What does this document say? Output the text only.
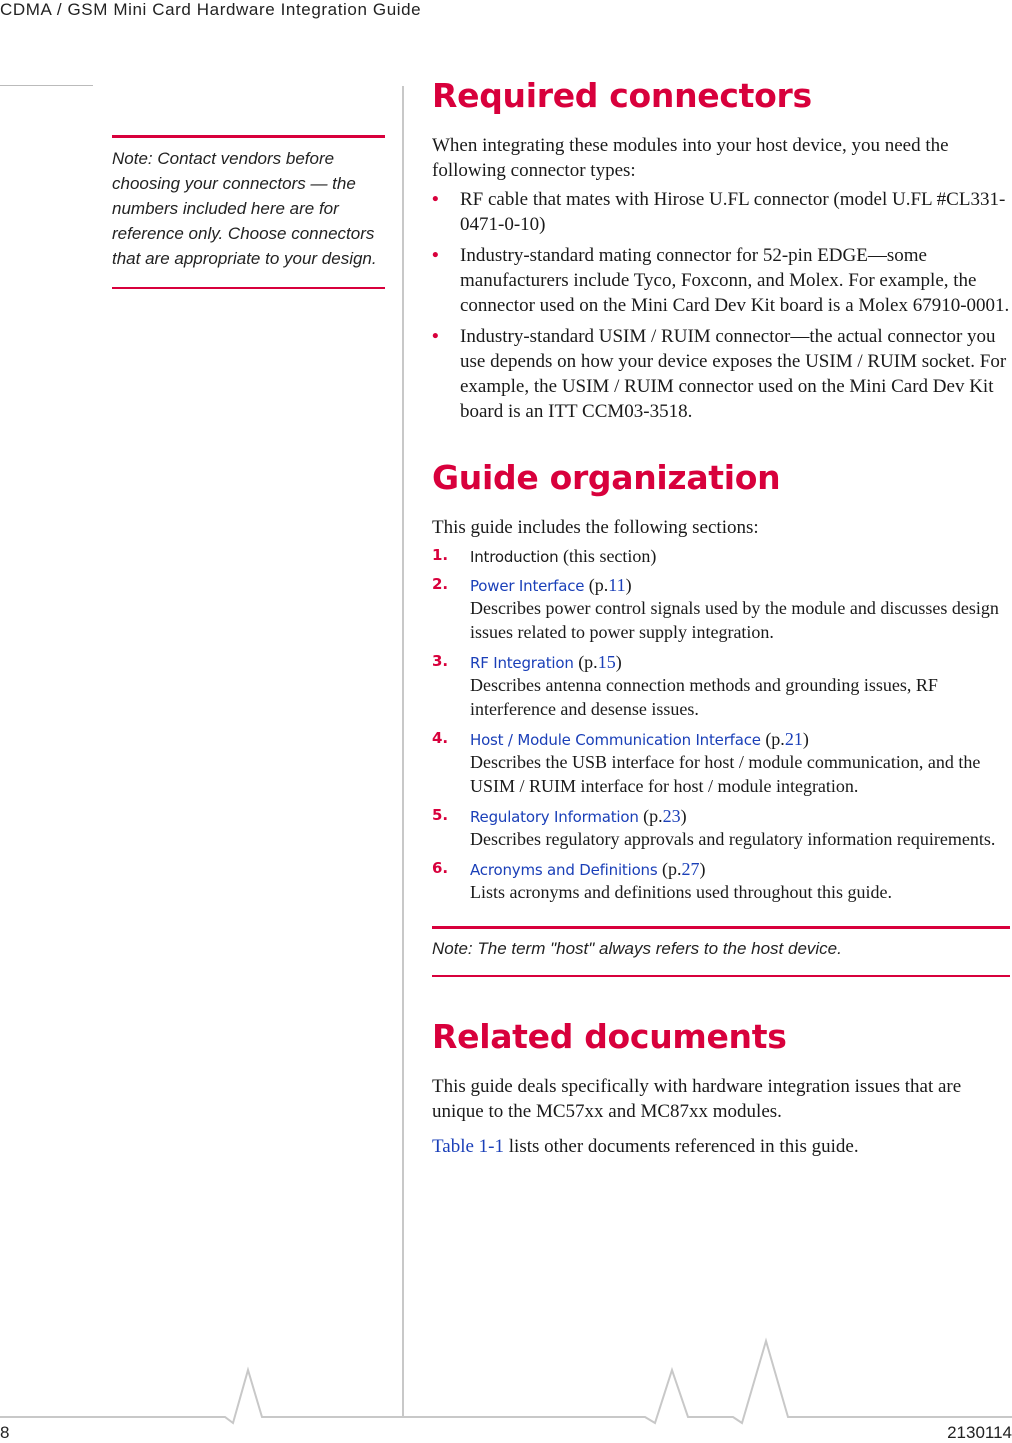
CDMA / GSM Mini Card Hardware Integration Guide

Note: Contact vendors before choosing your connectors — the numbers included here are for reference only. Choose connectors that are appropriate to your design.

Required connectors

When integrating these modules into your host device, you need the following connector types:

• RF cable that mates with Hirose U.FL connector (model U.FL #CL331-0471-0-10)
• Industry-standard mating connector for 52-pin EDGE—some manufacturers include Tyco, Foxconn, and Molex. For example, the connector used on the Mini Card Dev Kit board is a Molex 67910-0001.
• Industry-standard USIM / RUIM connector—the actual connector you use depends on how your device exposes the USIM / RUIM socket. For example, the USIM / RUIM connector used on the Mini Card Dev Kit board is an ITT CCM03-3518.
Guide organization

This guide includes the following sections:

1. Introduction (this section)
2. Power Interface (p.11)
Describes power control signals used by the module and discusses design issues related to power supply integration.
3. RF Integration (p.15)
Describes antenna connection methods and grounding issues, RF interference and desense issues.
4. Host / Module Communication Interface (p.21)
Describes the USB interface for host / module communication, and the USIM / RUIM interface for host / module integration.
5. Regulatory Information (p.23)
Describes regulatory approvals and regulatory information requirements.
6. Acronyms and Definitions (p.27)
Lists acronyms and definitions used throughout this guide.

Note: The term "host" always refers to the host device.

Related documents

This guide deals specifically with hardware integration issues that are unique to the MC57xx and MC87xx modules.

Table 1-1 lists other documents referenced in this guide.

8	2130114
